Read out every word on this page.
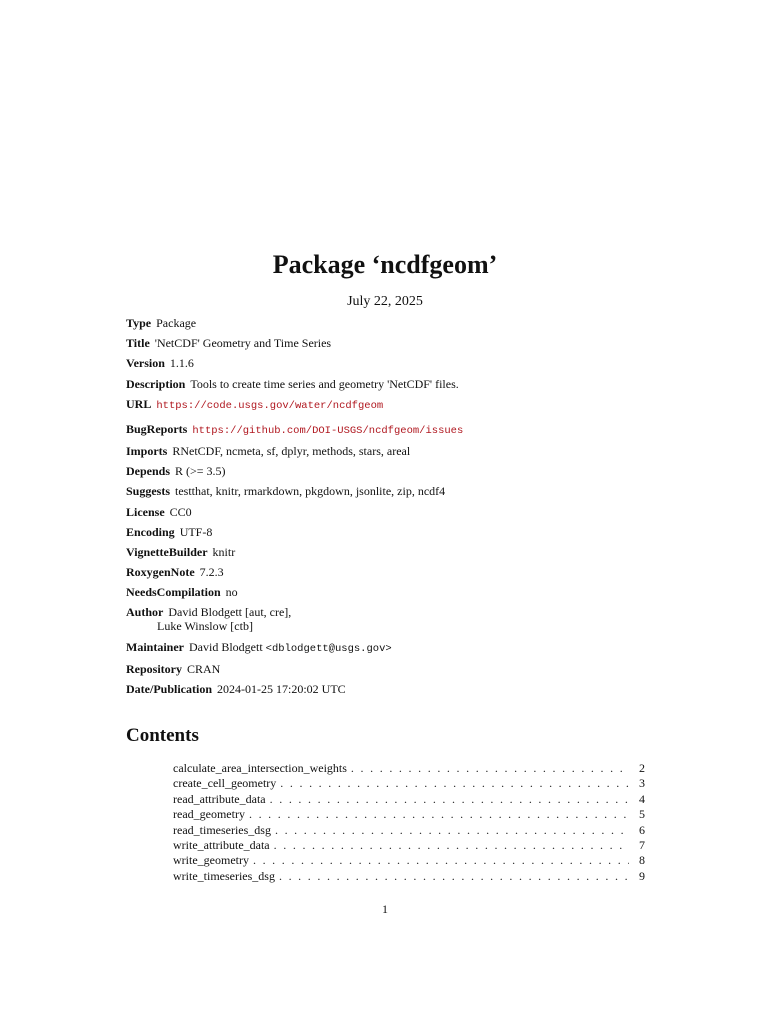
Package ‘ncdfgeom’

July 22, 2025

Type Package

Title 'NetCDF' Geometry and Time Series

Version 1.1.6

Description Tools to create time series and geometry 'NetCDF' files.

URL https://code.usgs.gov/water/ncdfgeom

BugReports https://github.com/DOI-USGS/ncdfgeom/issues

Imports RNetCDF, ncmeta, sf, dplyr, methods, stars, areal

Depends R (>= 3.5)

Suggests testthat, knitr, rmarkdown, pkgdown, jsonlite, zip, ncdf4

License CC0

Encoding UTF-8

VignetteBuilder knitr

RoxygenNote 7.2.3

NeedsCompilation no

Author David Blodgett [aut, cre],
Luke Winslow [ctb]

Maintainer David Blodgett <dblodgett@usgs.gov>

Repository CRAN

Date/Publication 2024-01-25 17:20:02 UTC

Contents
calculate_area_intersection_weights . . .	2
create_cell_geometry . . .	3
read_attribute_data . . .	4
read_geometry . . .	5
read_timeseries_dsg . . .	6
write_attribute_data . . .	7
write_geometry . . .	8
write_timeseries_dsg . . .	9

1
